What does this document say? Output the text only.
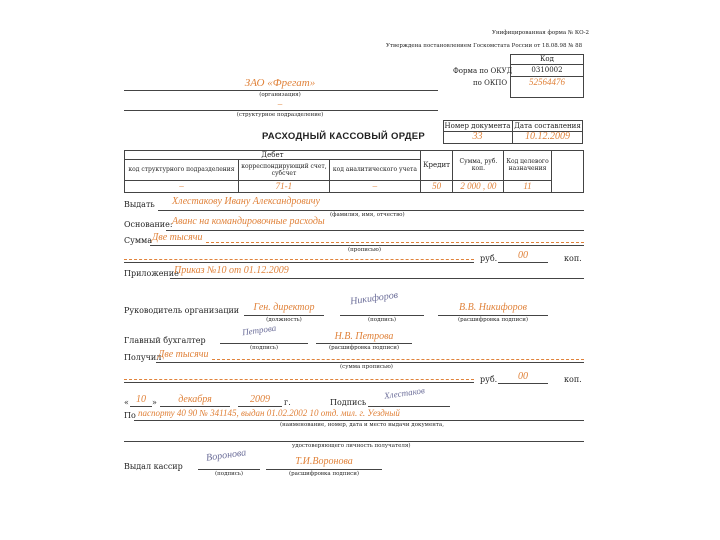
Унифицированная форма № КО-2
Утверждена постановлением Госкомстата России от 18.08.98 № 88
Код
Форма по ОКУД	0310002
по ОКПО	52564476
ЗАО «Фрегат»
(организация)
–
(структурное подразделение)
Номер документа Дата составления
РАСХОДНЫЙ КАССОВЫЙ ОРДЕР	33	10.12.2009
Дебет			Кредит	Сумма, руб. коп.	Код целевого назначения	
код структурного подразделения	корреспондирующий счет, субсчет	код аналитического учета				
–	71-1	–	50	2 000 , 00	11	
Выдать Хлестакову Ивану Александровичу
(фамилия, имя, отчество)
Основание: Аванс на командировочные расходы
Сумма Две тысячи
(прописью)
руб.	00	коп.
Приложение
Приказ №10 от 01.12.2009
Руководитель организации	Ген. директор
(должность)
Никифоров
(подпись)
В.В. Никифоров
(расшифровка подписи)
Главный бухгалтер
Петрова
(подпись)
Н.В. Петрова
(расшифровка подписи)
Получил
Две тысячи
(сумма прописью)
руб.	00	коп.
« 10 »	декабря	2009	г.	Подпись
Хлестаков
По паспорту 40 90 № 341145, выдан 01.02.2002 10 отд. мил. г. Уездный
(наименование, номер, дата и место выдачи документа,
удостоверяющего личность получателя)
Выдал кассир
Воронова
(подпись)
Т.И.Воронова
(расшифровка подписи)
